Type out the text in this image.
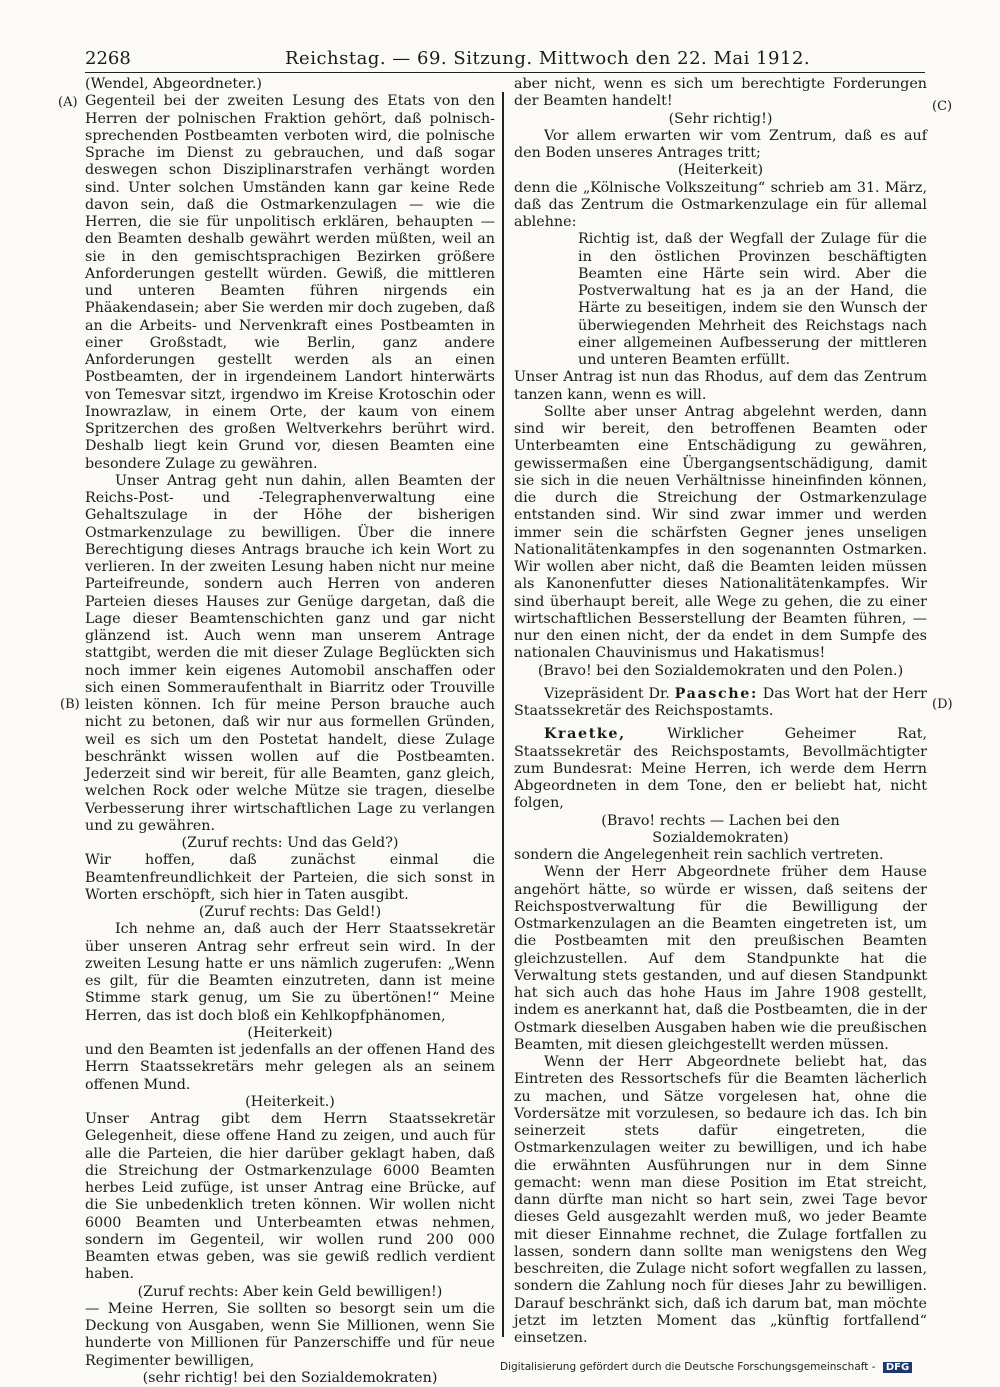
2268	Reichstag. — 69. Sitzung. Mittwoch den 22. Mai 1912.
(A)
(B)
(C)
(D)

(Wendel, Abgeordneter.)

Gegenteil bei der zweiten Lesung des Etats von den Herren der polnischen Fraktion gehört, daß polnisch-sprechenden Postbeamten verboten wird, die polnische Sprache im Dienst zu gebrauchen, und daß sogar deswegen schon Disziplinarstrafen verhängt worden sind. Unter solchen Umständen kann gar keine Rede davon sein, daß die Ostmarkenzulagen — wie die Herren, die sie für unpolitisch erklären, behaupten — den Beamten deshalb gewährt werden müßten, weil an sie in den gemischtsprachigen Bezirken größere Anforderungen gestellt würden. Gewiß, die mittleren und unteren Beamten führen nirgends ein Phäakendasein; aber Sie werden mir doch zugeben, daß an die Arbeits- und Nervenkraft eines Postbeamten in einer Großstadt, wie Berlin, ganz andere Anforderungen gestellt werden als an einen Postbeamten, der in irgendeinem Landort hinterwärts von Temesvar sitzt, irgendwo im Kreise Krotoschin oder Inowrazlaw, in einem Orte, der kaum von einem Spritzerchen des großen Weltverkehrs berührt wird. Deshalb liegt kein Grund vor, diesen Beamten eine besondere Zulage zu gewähren.

Unser Antrag geht nun dahin, allen Beamten der Reichs-Post- und -Telegraphenverwaltung eine Gehaltszulage in der Höhe der bisherigen Ostmarkenzulage zu bewilligen. Über die innere Berechtigung dieses Antrags brauche ich kein Wort zu verlieren. In der zweiten Lesung haben nicht nur meine Parteifreunde, sondern auch Herren von anderen Parteien dieses Hauses zur Genüge dargetan, daß die Lage dieser Beamtenschichten ganz und gar nicht glänzend ist. Auch wenn man unserem Antrage stattgibt, werden die mit dieser Zulage Beglückten sich noch immer kein eigenes Automobil anschaffen oder sich einen Sommeraufenthalt in Biarritz oder Trouville leisten können. Ich für meine Person brauche auch nicht zu betonen, daß wir nur aus formellen Gründen, weil es sich um den Postetat handelt, diese Zulage beschränkt wissen wollen auf die Postbeamten. Jederzeit sind wir bereit, für alle Beamten, ganz gleich, welchen Rock oder welche Mütze sie tragen, dieselbe Verbesserung ihrer wirtschaftlichen Lage zu verlangen und zu gewähren.

(Zuruf rechts: Und das Geld?)

Wir hoffen, daß zunächst einmal die Beamtenfreundlichkeit der Parteien, die sich sonst in Worten erschöpft, sich hier in Taten ausgibt.

(Zuruf rechts: Das Geld!)

Ich nehme an, daß auch der Herr Staatssekretär über unseren Antrag sehr erfreut sein wird. In der zweiten Lesung hatte er uns nämlich zugerufen: „Wenn es gilt, für die Beamten einzutreten, dann ist meine Stimme stark genug, um Sie zu übertönen!“ Meine Herren, das ist doch bloß ein Kehlkopfphänomen,

(Heiterkeit)

und den Beamten ist jedenfalls an der offenen Hand des Herrn Staatssekretärs mehr gelegen als an seinem offenen Mund.

(Heiterkeit.)

Unser Antrag gibt dem Herrn Staatssekretär Gelegenheit, diese offene Hand zu zeigen, und auch für alle die Parteien, die hier darüber geklagt haben, daß die Streichung der Ostmarkenzulage 6000 Beamten herbes Leid zufüge, ist unser Antrag eine Brücke, auf die Sie unbedenklich treten können. Wir wollen nicht 6000 Beamten und Unterbeamten etwas nehmen, sondern im Gegenteil, wir wollen rund 200 000 Beamten etwas geben, was sie gewiß redlich verdient haben.

(Zuruf rechts: Aber kein Geld bewilligen!)

— Meine Herren, Sie sollten so besorgt sein um die Deckung von Ausgaben, wenn Sie Millionen, wenn Sie hunderte von Millionen für Panzerschiffe und für neue Regimenter bewilligen,

(sehr richtig! bei den Sozialdemokraten)

aber nicht, wenn es sich um berechtigte Forderungen der Beamten handelt!

(Sehr richtig!)

Vor allem erwarten wir vom Zentrum, daß es auf den Boden unseres Antrages tritt;

(Heiterkeit)

denn die „Kölnische Volkszeitung“ schrieb am 31. März, daß das Zentrum die Ostmarkenzulage ein für allemal ablehne:

Richtig ist, daß der Wegfall der Zulage für die in den östlichen Provinzen beschäftigten Beamten eine Härte sein wird. Aber die Postverwaltung hat es ja an der Hand, die Härte zu beseitigen, indem sie den Wunsch der überwiegenden Mehrheit des Reichstags nach einer allgemeinen Aufbesserung der mittleren und unteren Beamten erfüllt.

Unser Antrag ist nun das Rhodus, auf dem das Zentrum tanzen kann, wenn es will.

Sollte aber unser Antrag abgelehnt werden, dann sind wir bereit, den betroffenen Beamten oder Unterbeamten eine Entschädigung zu gewähren, gewissermaßen eine Übergangsentschädigung, damit sie sich in die neuen Verhältnisse hineinfinden können, die durch die Streichung der Ostmarkenzulage entstanden sind. Wir sind zwar immer und werden immer sein die schärfsten Gegner jenes unseligen Nationalitätenkampfes in den sogenannten Ostmarken. Wir wollen aber nicht, daß die Beamten leiden müssen als Kanonenfutter dieses Nationalitätenkampfes. Wir sind überhaupt bereit, alle Wege zu gehen, die zu einer wirtschaftlichen Besserstellung der Beamten führen, — nur den einen nicht, der da endet in dem Sumpfe des nationalen Chauvinismus und Hakatismus!

(Bravo! bei den Sozialdemokraten und den Polen.)

Vizepräsident Dr. Paasche: Das Wort hat der Herr Staatssekretär des Reichspostamts.

Kraetke,	Wirklicher Geheimer Rat, Staatssekretär des Reichspostamts, Bevollmächtigter zum Bundesrat: Meine Herren, ich werde dem Herrn Abgeordneten in dem Tone, den er beliebt hat, nicht folgen,

(Bravo! rechts — Lachen bei den Sozialdemokraten)

sondern die Angelegenheit rein sachlich vertreten.

Wenn der Herr Abgeordnete früher dem Hause angehört hätte, so würde er wissen, daß seitens der Reichspostverwaltung für die Bewilligung der Ostmarkenzulagen an die Beamten eingetreten ist, um die Postbeamten mit den preußischen Beamten gleichzustellen. Auf dem Standpunkte hat die Verwaltung stets gestanden, und auf diesen Standpunkt hat sich auch das hohe Haus im Jahre 1908 gestellt, indem es anerkannt hat, daß die Postbeamten, die in der Ostmark dieselben Ausgaben haben wie die preußischen Beamten, mit diesen gleichgestellt werden müssen.

Wenn der Herr Abgeordnete beliebt hat, das Eintreten des Ressortschefs für die Beamten lächerlich zu machen, und Sätze vorgelesen hat, ohne die Vordersätze mit vorzulesen, so bedaure ich das. Ich bin seinerzeit stets dafür eingetreten, die Ostmarkenzulagen weiter zu bewilligen, und ich habe die erwähnten Ausführungen nur in dem Sinne gemacht: wenn man diese Position im Etat streicht, dann dürfte man nicht so hart sein, zwei Tage bevor dieses Geld ausgezahlt werden muß, wo jeder Beamte mit dieser Einnahme rechnet, die Zulage fortfallen zu lassen, sondern dann sollte man wenigstens den Weg beschreiten, die Zulage nicht sofort wegfallen zu lassen, sondern die Zahlung noch für dieses Jahr zu bewilligen. Darauf beschränkt sich, daß ich darum bat, man möchte jetzt im letzten Moment das „künftig fortfallend“ einsetzen.

Digitalisierung gefördert durch die Deutsche Forschungsgemeinschaft - DFG
